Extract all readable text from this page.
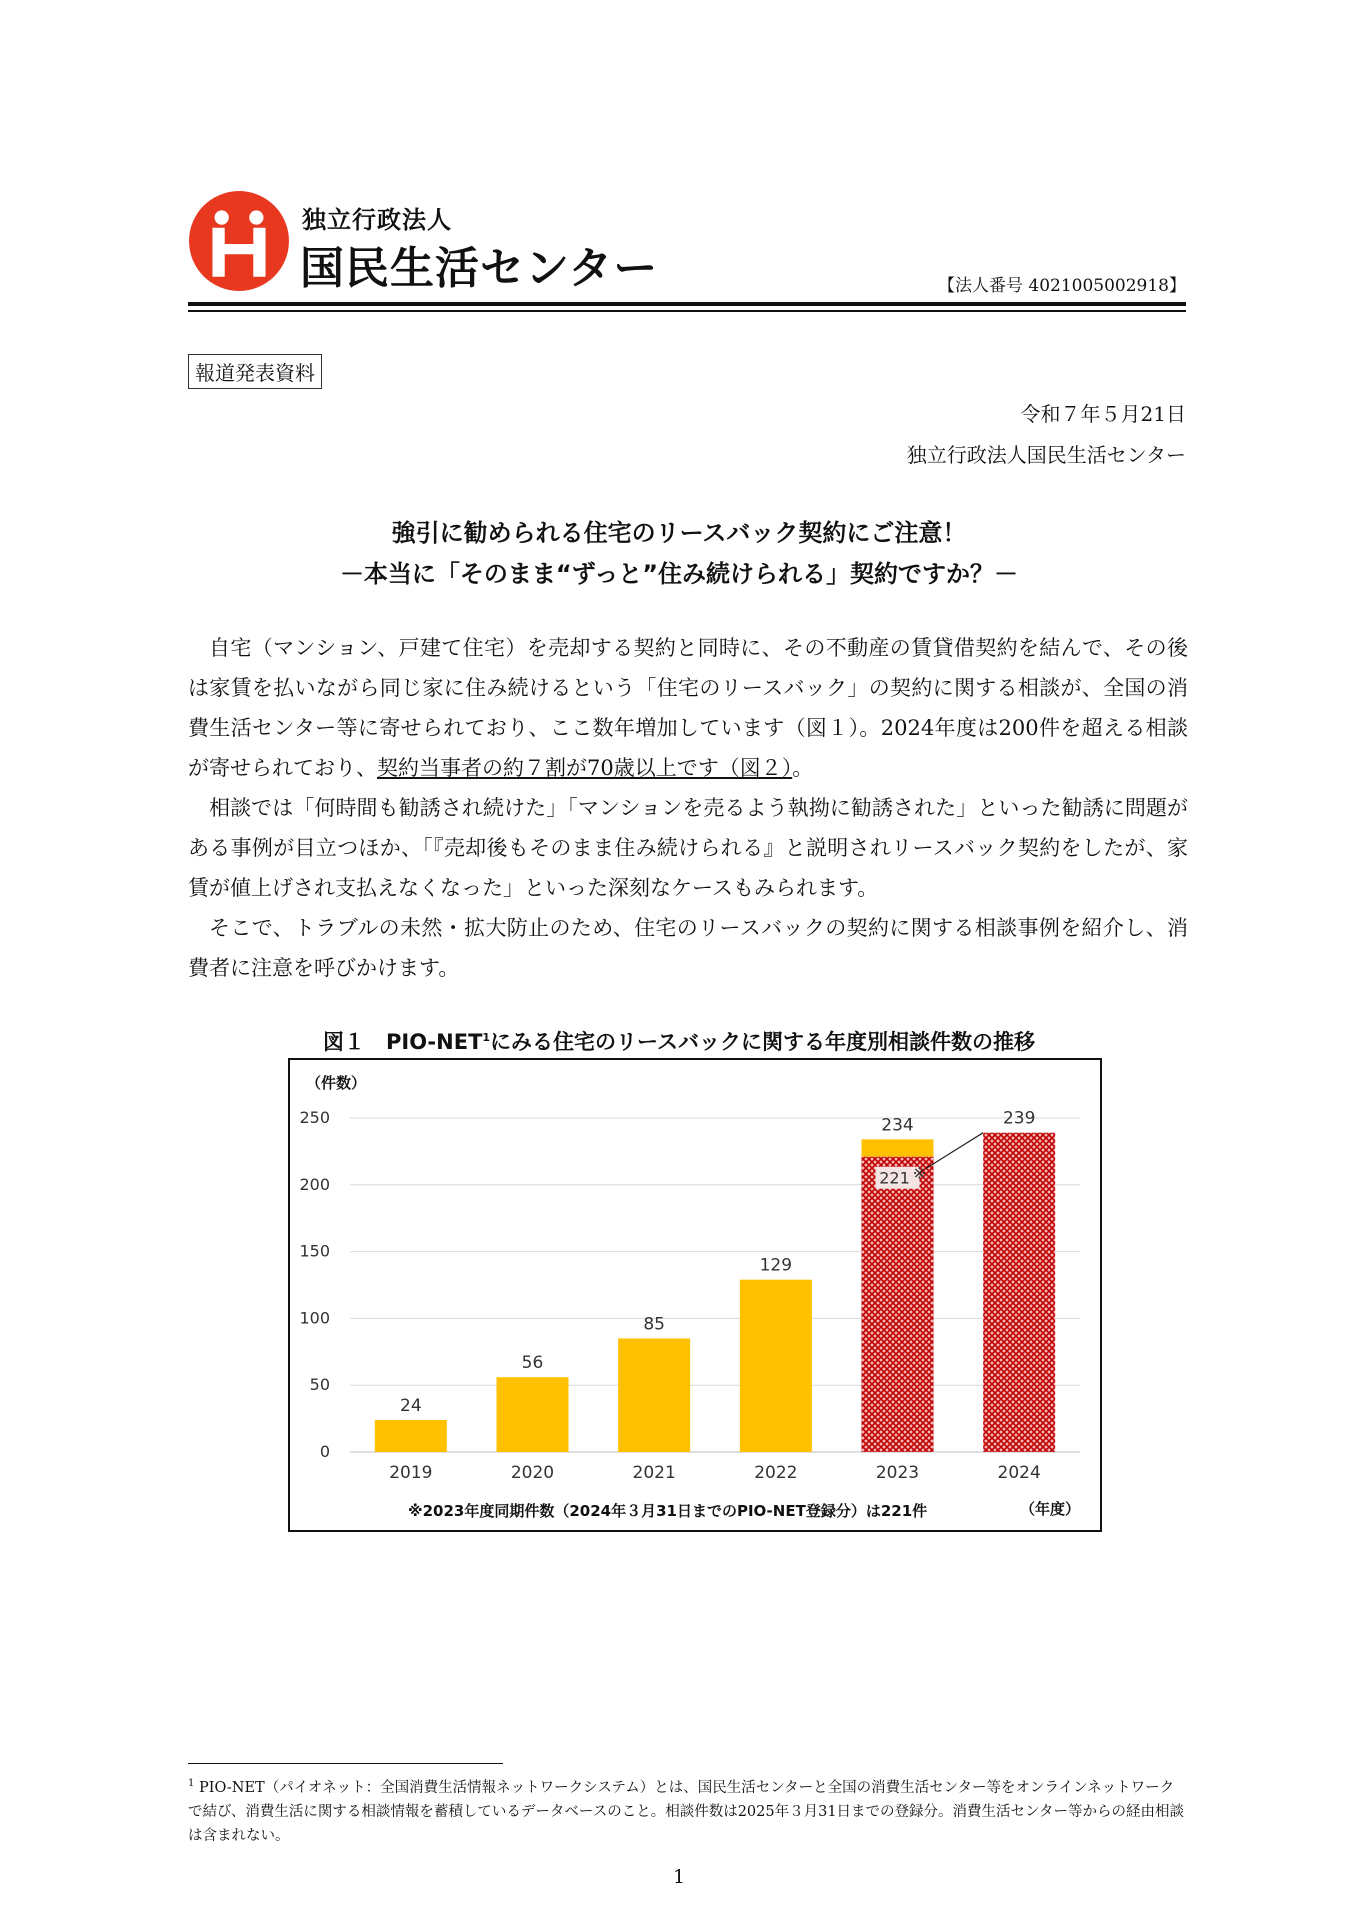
独立行政法人
国民生活センター	【法人番号 4021005002918】
報道発表資料
令和７年５月21日
独立行政法人国民生活センター
強引に勧められる住宅のリースバック契約にご注意！
－本当に「そのまま“ずっと”住み続けられる」契約ですか？－

自宅（マンション、戸建て住宅）を売却する契約と同時に、その不動産の賃貸借契約を結んで、その後は家賃を払いながら同じ家に住み続けるという「住宅のリースバック」の契約に関する相談が、全国の消費生活センター等に寄せられており、ここ数年増加しています（図１）。2024年度は200件を超える相談が寄せられており、契約当事者の約７割が70歳以上です（図２）。

相談では「何時間も勧誘され続けた」「マンションを売るよう執拗に勧誘された」といった勧誘に問題がある事例が目立つほか、「『売却後もそのまま住み続けられる』と説明されリースバック契約をしたが、家賃が値上げされ支払えなくなった」といった深刻なケースもみられます。

そこで、トラブルの未然・拡大防止のため、住宅のリースバックの契約に関する相談事例を紹介し、消費者に注意を呼びかけます。

図１　PIO-NET$^1$にみる住宅のリースバックに関する年度別相談件数の推移
0
50
100
150
200
250
24
2019
56
2020
85
2021
129
2022
221 ※
234
2023
239
2024
（件数）
（年度）
※2023年度同期件数（2024年３月31日までのPIO-NET登録分）は221件
$^1$ PIO-NET（パイオネット：全国消費生活情報ネットワークシステム）とは、国民生活センターと全国の消費生活センター等をオンラインネットワークで結び、消費生活に関する相談情報を蓄積しているデータベースのこと。相談件数は2025年３月31日までの登録分。消費生活センター等からの経由相談は含まれない。
1
